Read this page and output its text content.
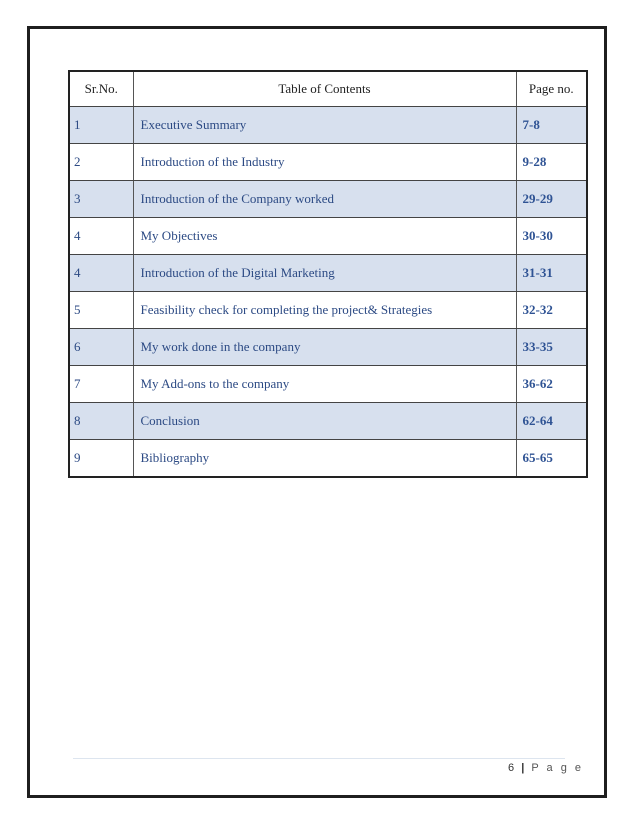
Sr.No.	Table of Contents	Page no.
1	Executive Summary	7-8
2	Introduction of the Industry	9-28
3	Introduction of the Company worked	29-29
4	My Objectives	30-30
4	Introduction of the Digital Marketing	31-31
5	Feasibility check for completing the project& Strategies	32-32
6	My work done in the company	33-35
7	My Add-ons to the company	36-62
8	Conclusion	62-64
9	Bibliography	65-65
6 | P a g e
